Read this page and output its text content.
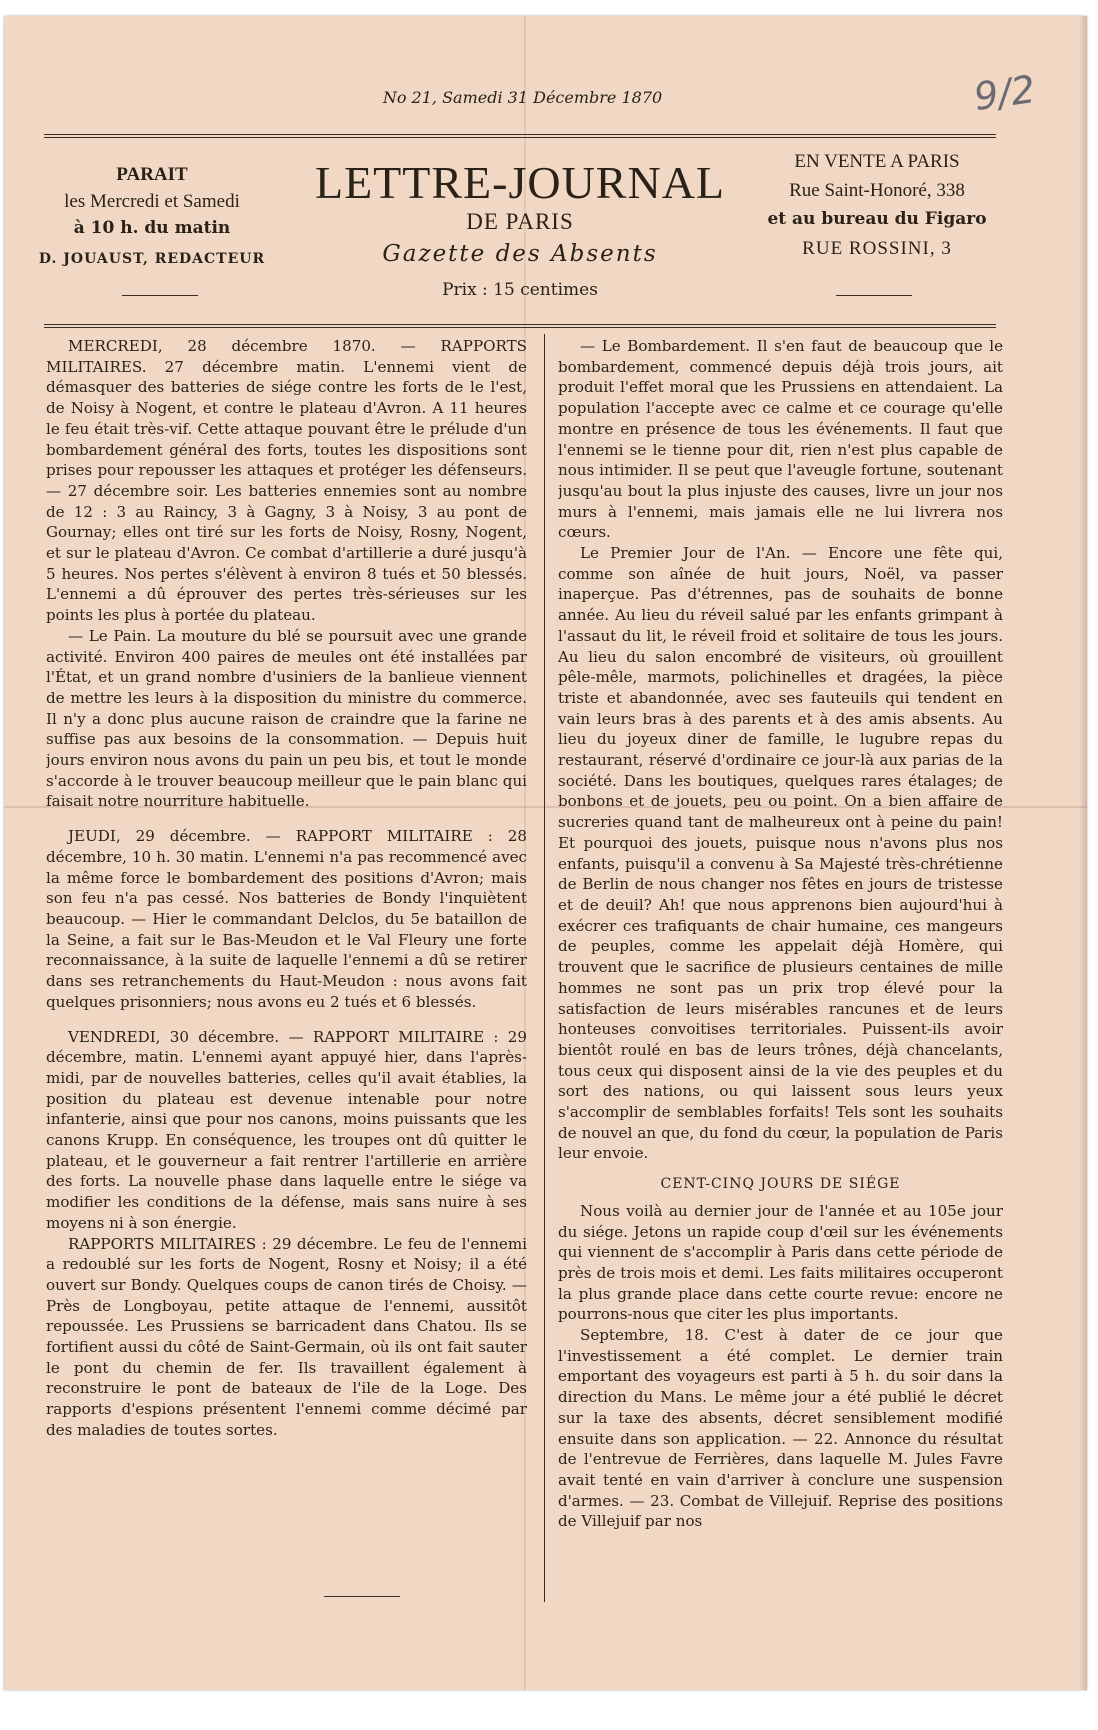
No 21, Samedi 31 Décembre 1870	9/2
PARAIT
les Mercredi et Samedi
à 10 h. du matin
D. JOUAUST, REDACTEUR
LETTRE-JOURNAL
DE PARIS
Gazette des Absents
Prix : 15 centimes
EN VENTE A PARIS
Rue Saint-Honoré, 338
et au bureau du Figaro
RUE ROSSINI, 3

MERCREDI, 28 décembre 1870. — RAPPORTS MILITAIRES. 27 décembre matin. L'ennemi vient de démasquer des batteries de siége contre les forts de le l'est, de Noisy à Nogent, et contre le plateau d'Avron. A 11 heures le feu était très-vif. Cette attaque pouvant être le prélude d'un bombardement général des forts, toutes les dispositions sont prises pour repousser les attaques et protéger les défenseurs. — 27 décembre soir. Les batteries ennemies sont au nombre de 12 : 3 au Raincy, 3 à Gagny, 3 à Noisy, 3 au pont de Gournay; elles ont tiré sur les forts de Noisy, Rosny, Nogent, et sur le plateau d'Avron. Ce combat d'artillerie a duré jusqu'à 5 heures. Nos pertes s'élèvent à environ 8 tués et 50 blessés. L'ennemi a dû éprouver des pertes très-sérieuses sur les points les plus à portée du plateau.

— Le Pain. La mouture du blé se poursuit avec une grande activité. Environ 400 paires de meules ont été installées par l'État, et un grand nombre d'usiniers de la banlieue viennent de mettre les leurs à la disposition du ministre du commerce. Il n'y a donc plus aucune raison de craindre que la farine ne suffise pas aux besoins de la consommation. — Depuis huit jours environ nous avons du pain un peu bis, et tout le monde s'accorde à le trouver beaucoup meilleur que le pain blanc qui faisait notre nourriture habituelle.

JEUDI, 29 décembre. — RAPPORT MILITAIRE : 28 décembre, 10 h. 30 matin. L'ennemi n'a pas recommencé avec la même force le bombardement des positions d'Avron; mais son feu n'a pas cessé. Nos batteries de Bondy l'inquiètent beaucoup. — Hier le commandant Delclos, du 5e bataillon de la Seine, a fait sur le Bas-Meudon et le Val Fleury une forte reconnaissance, à la suite de laquelle l'ennemi a dû se retirer dans ses retranchements du Haut-Meudon : nous avons fait quelques prisonniers; nous avons eu 2 tués et 6 blessés.

VENDREDI, 30 décembre. — RAPPORT MILITAIRE : 29 décembre, matin. L'ennemi ayant appuyé hier, dans l'après-midi, par de nouvelles batteries, celles qu'il avait établies, la position du plateau est devenue intenable pour notre infanterie, ainsi que pour nos canons, moins puissants que les canons Krupp. En conséquence, les troupes ont dû quitter le plateau, et le gouverneur a fait rentrer l'artillerie en arrière des forts. La nouvelle phase dans laquelle entre le siége va modifier les conditions de la défense, mais sans nuire à ses moyens ni à son énergie.

RAPPORTS MILITAIRES : 29 décembre. Le feu de l'ennemi a redoublé sur les forts de Nogent, Rosny et Noisy; il a été ouvert sur Bondy. Quelques coups de canon tirés de Choisy. — Près de Longboyau, petite attaque de l'ennemi, aussitôt repoussée. Les Prussiens se barricadent dans Chatou. Ils se fortifient aussi du côté de Saint-Germain, où ils ont fait sauter le pont du chemin de fer. Ils travaillent également à reconstruire le pont de bateaux de l'ile de la Loge. Des rapports d'espions présentent l'ennemi comme décimé par des maladies de toutes sortes.

— Le Bombardement. Il s'en faut de beaucoup que le bombardement, commencé depuis déjà trois jours, ait produit l'effet moral que les Prussiens en attendaient. La population l'accepte avec ce calme et ce courage qu'elle montre en présence de tous les événements. Il faut que l'ennemi se le tienne pour dit, rien n'est plus capable de nous intimider. Il se peut que l'aveugle fortune, soutenant jusqu'au bout la plus injuste des causes, livre un jour nos murs à l'ennemi, mais jamais elle ne lui livrera nos cœurs.

Le Premier Jour de l'An. — Encore une fête qui, comme son aînée de huit jours, Noël, va passer inaperçue. Pas d'étrennes, pas de souhaits de bonne année. Au lieu du réveil salué par les enfants grimpant à l'assaut du lit, le réveil froid et solitaire de tous les jours. Au lieu du salon encombré de visiteurs, où grouillent pêle-mêle, marmots, polichinelles et dragées, la pièce triste et abandonnée, avec ses fauteuils qui tendent en vain leurs bras à des parents et à des amis absents. Au lieu du joyeux diner de famille, le lugubre repas du restaurant, réservé d'ordinaire ce jour-là aux parias de la société. Dans les boutiques, quelques rares étalages; de bonbons et de jouets, peu ou point. On a bien affaire de sucreries quand tant de malheureux ont à peine du pain! Et pourquoi des jouets, puisque nous n'avons plus nos enfants, puisqu'il a convenu à Sa Majesté très-chrétienne de Berlin de nous changer nos fêtes en jours de tristesse et de deuil? Ah! que nous apprenons bien aujourd'hui à exécrer ces trafiquants de chair humaine, ces mangeurs de peuples, comme les appelait déjà Homère, qui trouvent que le sacrifice de plusieurs centaines de mille hommes ne sont pas un prix trop élevé pour la satisfaction de leurs misérables rancunes et de leurs honteuses convoitises territoriales. Puissent-ils avoir bientôt roulé en bas de leurs trônes, déjà chancelants, tous ceux qui disposent ainsi de la vie des peuples et du sort des nations, ou qui laissent sous leurs yeux s'accomplir de semblables forfaits! Tels sont les souhaits de nouvel an que, du fond du cœur, la population de Paris leur envoie.

CENT-CINQ JOURS DE SIÉGE

Nous voilà au dernier jour de l'année et au 105e jour du siége. Jetons un rapide coup d'œil sur les événements qui viennent de s'accomplir à Paris dans cette période de près de trois mois et demi. Les faits militaires occuperont la plus grande place dans cette courte revue: encore ne pourrons-nous que citer les plus importants.

Septembre, 18. C'est à dater de ce jour que l'investissement a été complet. Le dernier train emportant des voyageurs est parti à 5 h. du soir dans la direction du Mans. Le même jour a été publié le décret sur la taxe des absents, décret sensiblement modifié ensuite dans son application. — 22. Annonce du résultat de l'entrevue de Ferrières, dans laquelle M. Jules Favre avait tenté en vain d'arriver à conclure une suspension d'armes. — 23. Combat de Villejuif. Reprise des positions de Villejuif par nos
